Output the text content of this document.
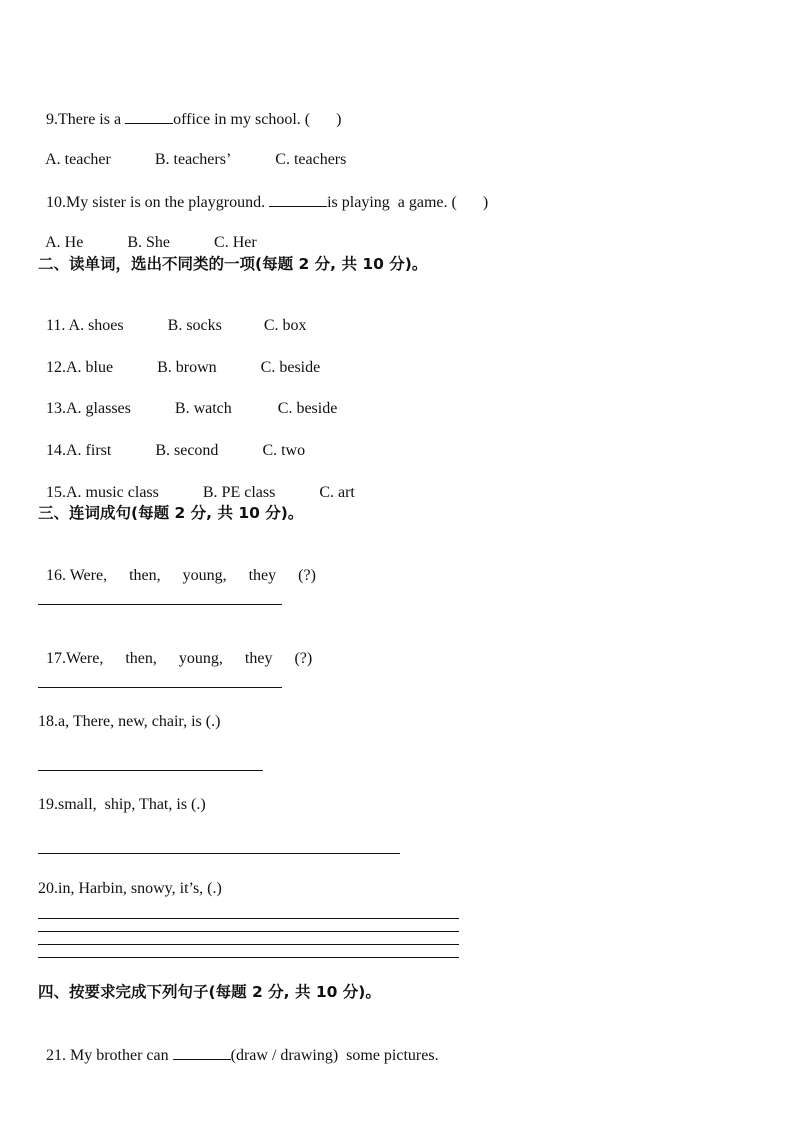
9.There is a	office in my school. ( )

A. teacher	B. teachers’	C. teachers

10.My sister is on the playground.	is playing  a game. ( )

A. He	B. She	C. Her

二、读单词，选出不同类的一项(每题 2 分, 共 10 分)。

11. A. shoes	B. socks	C. box

12.A. blue	B. brown	C. beside

13.A. glasses	B. watch	C. beside

14.A. first	B. second	C. two

15.A. music class	B. PE class	C. art

三、连词成句(每题 2 分, 共 10 分)。

16. Were, then, young, they (?)

17.Were, then, young, they (?)

18.a, There, new, chair, is (.)
19.small,  ship, That, is (.)
20.in, Harbin, snowy, it’s, (.)
四、按要求完成下列句子(每题 2 分, 共 10 分)。

21. My brother can	(draw / drawing)  some pictures.
